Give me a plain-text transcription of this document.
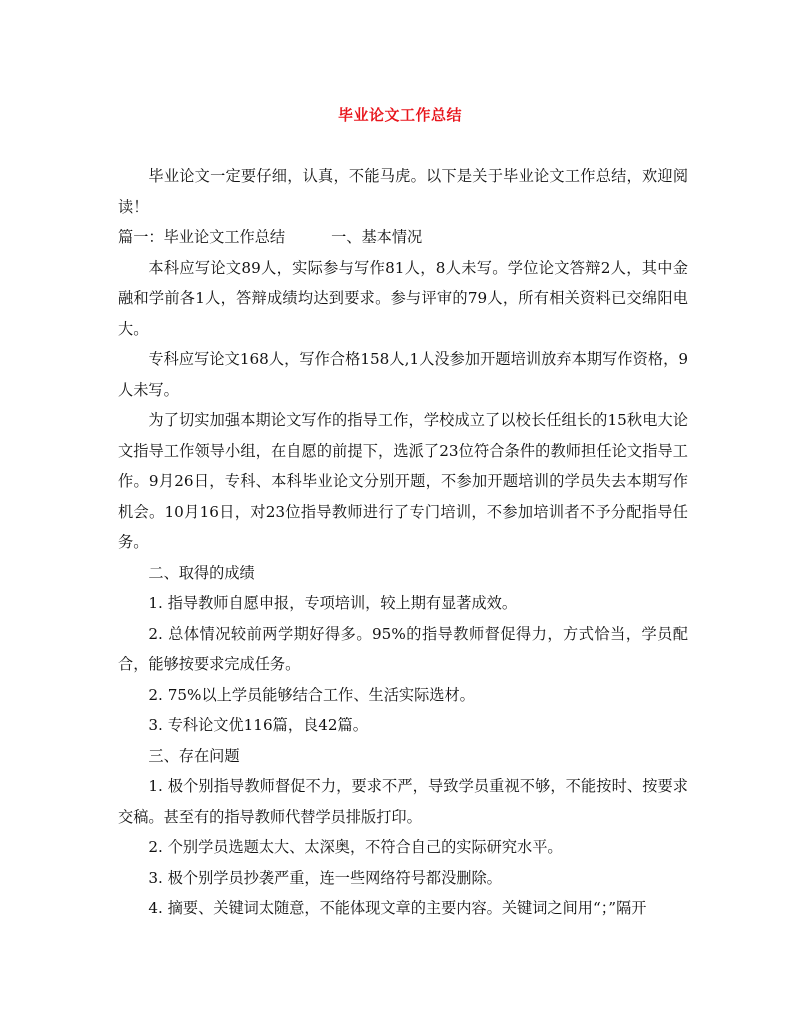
毕业论文工作总结

毕业论文一定要仔细，认真，不能马虎。以下是关于毕业论文工作总结，欢迎阅读！

篇一：毕业论文工作总结	一、基本情况

本科应写论文89人，实际参与写作81人，8人未写。学位论文答辩2人，其中金融和学前各1人，答辩成绩均达到要求。参与评审的79人，所有相关资料已交绵阳电大。

专科应写论文168人，写作合格158人,1人没参加开题培训放弃本期写作资格，9人未写。

为了切实加强本期论文写作的指导工作，学校成立了以校长任组长的15秋电大论文指导工作领导小组，在自愿的前提下，选派了23位符合条件的教师担任论文指导工作。9月26日，专科、本科毕业论文分别开题，不参加开题培训的学员失去本期写作机会。10月16日，对23位指导教师进行了专门培训，不参加培训者不予分配指导任务。

二、取得的成绩

1. 指导教师自愿申报，专项培训，较上期有显著成效。

2. 总体情况较前两学期好得多。95%的指导教师督促得力，方式恰当，学员配合，能够按要求完成任务。

2. 75%以上学员能够结合工作、生活实际选材。

3. 专科论文优116篇，良42篇。

三、存在问题

1. 极个别指导教师督促不力，要求不严，导致学员重视不够，不能按时、按要求交稿。甚至有的指导教师代替学员排版打印。

2. 个别学员选题太大、太深奥，不符合自己的实际研究水平。

3. 极个别学员抄袭严重，连一些网络符号都没删除。

4. 摘要、关键词太随意，不能体现文章的主要内容。关键词之间用“；”隔开
